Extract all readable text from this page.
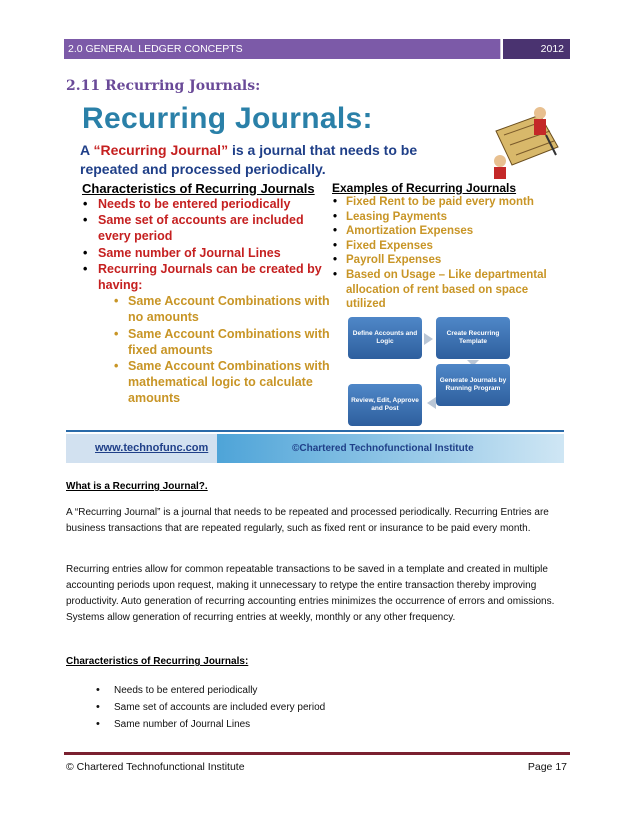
2.0 GENERAL LEDGER CONCEPTS	2012
2.11 Recurring Journals:
Recurring Journals:
A “Recurring Journal” is a journal that needs to be repeated and processed periodically.
Characteristics of Recurring Journals
• Needs to be entered periodically
• Same set of accounts are included every period
• Same number of Journal Lines
• Recurring Journals can be created by having:
• Same Account Combinations with no amounts
• Same Account Combinations with fixed amounts
• Same Account Combinations with mathematical logic to calculate amounts
Examples of Recurring Journals
• Fixed Rent to be paid every month
• Leasing Payments
• Amortization Expenses
• Fixed Expenses
• Payroll Expenses
• Based on Usage – Like departmental allocation of rent based on space utilized
Define Accounts and Logic
Create Recurring Template
Generate Journals by Running Program
Review, Edit, Approve and Post
www.technofunc.com	©Chartered Technofunctional Institute
What is a Recurring Journal?.

A “Recurring Journal” is a journal that needs to be repeated and processed periodically. Recurring Entries are business transactions that are repeated regularly, such as fixed rent or insurance to be paid every month.

Recurring entries allow for common repeatable transactions to be saved in a template and created in multiple accounting periods upon request, making it unnecessary to retype the entire transaction thereby improving productivity. Auto generation of recurring accounting entries minimizes the occurrence of errors and omissions. Systems allow generation of recurring entries at weekly, monthly or any other frequency.

Characteristics of Recurring Journals:
• Needs to be entered periodically
• Same set of accounts are included every period
• Same number of Journal Lines
© Chartered Technofunctional Institute	Page 17
